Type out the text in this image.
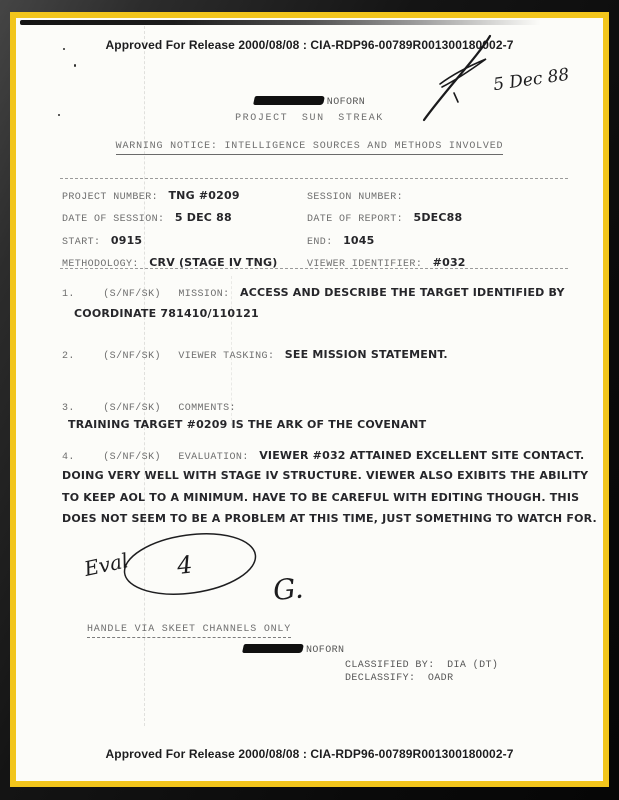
Approved For Release 2000/08/08 : CIA-RDP96-00789R001300180002-7
5 Dec 88
NOFORN
PROJECT SUN STREAK
WARNING NOTICE: INTELLIGENCE SOURCES AND METHODS INVOLVED
PROJECT NUMBER: TNG #0209	SESSION NUMBER:
DATE OF SESSION: 5 DEC 88	DATE OF REPORT: 5DEC88
START: 0915	END: 1045
METHODOLOGY: CRV (STAGE IV TNG)	VIEWER IDENTIFIER: #032
1.	(S/NF/SK) MISSION: ACCESS AND DESCRIBE THE TARGET IDENTIFIED BY
COORDINATE 781410/110121
2.	(S/NF/SK) VIEWER TASKING: SEE MISSION STATEMENT.
3.	(S/NF/SK) COMMENTS: TRAINING TARGET #0209 IS THE ARK OF THE COVENANT
4.	(S/NF/SK) EVALUATION: VIEWER #032 ATTAINED EXCELLENT SITE CONTACT.
DOING VERY WELL WITH STAGE IV STRUCTURE. VIEWER ALSO EXIBITS THE ABILITY
TO KEEP AOL TO A MINIMUM. HAVE TO BE CAREFUL WITH EDITING THOUGH. THIS
DOES NOT SEEM TO BE A PROBLEM AT THIS TIME, JUST SOMETHING TO WATCH FOR.
Eval 4
G.
HANDLE VIA SKEET CHANNELS ONLY
NOFORN
CLASSIFIED BY: DIA (DT)
DECLASSIFY: OADR
Approved For Release 2000/08/08 : CIA-RDP96-00789R001300180002-7
